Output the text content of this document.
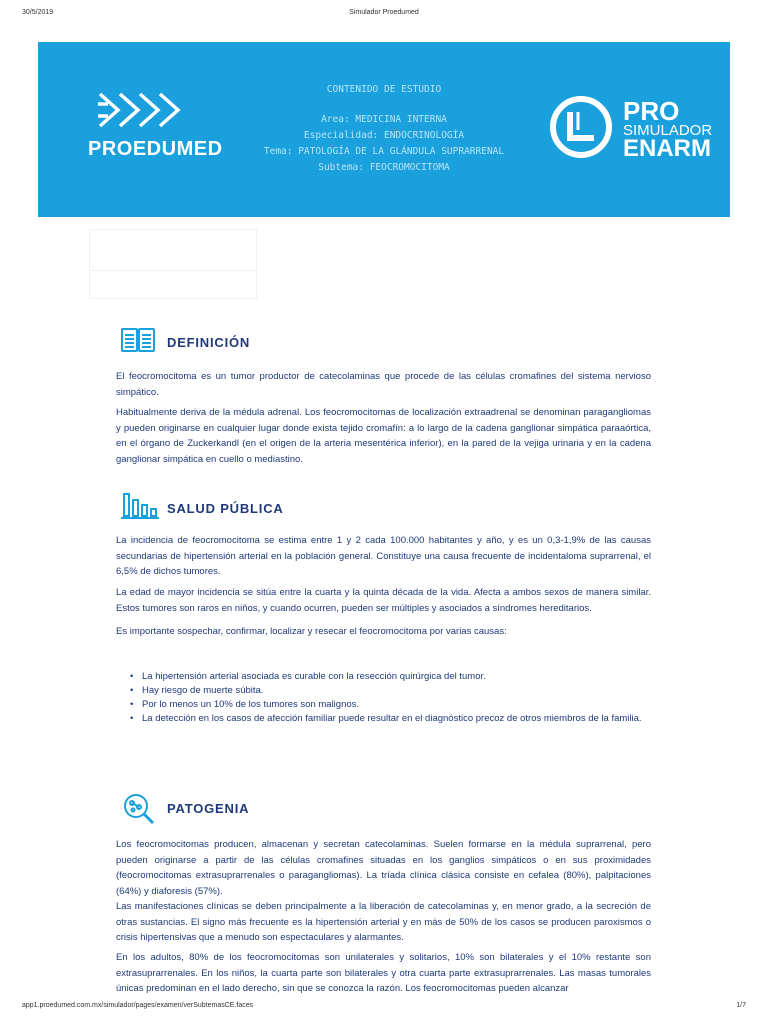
30/5/2019	Simulador Proedumed
PROEDUMED
CONTENIDO DE ESTUDIO
Area: MEDICINA INTERNA
Especialidad: ENDOCRINOLOGÍA
Tema: PATOLOGÍA DE LA GLÁNDULA SUPRARRENAL
Subtema: FEOCROMOCITOMA
PRO
SIMULADOR
ENARM
DEFINICIÓN
El feocromocitoma es un tumor productor de catecolaminas que procede de las células cromafines del sistema nervioso simpático.
Habitualmente deriva de la médula adrenal. Los feocromocitomas de localización extraadrenal se denominan paragangliomas y pueden originarse en cualquier lugar donde exista tejido cromafín: a lo largo de la cadena ganglionar simpática paraaórtica, en el órgano de Zuckerkandl (en el origen de la arteria mesentérica inferior), en la pared de la vejiga urinaria y en la cadena ganglionar simpática en cuello o mediastino.
SALUD PÚBLICA
La incidencia de feocromocitoma se estima entre 1 y 2 cada 100.000 habitantes y año, y es un 0,3-1,9% de las causas secundarias de hipertensión arterial en la población general. Constituye una causa frecuente de incidentaloma suprarrenal, el 6,5% de dichos tumores.
La edad de mayor incidencia se sitúa entre la cuarta y la quinta década de la vida. Afecta a ambos sexos de manera similar. Estos tumores son raros en niños, y cuando ocurren, pueden ser múltiples y asociados a síndromes hereditarios.
Es importante sospechar, confirmar, localizar y resecar el feocromocitoma por varias causas:
• La hipertensión arterial asociada es curable con la resección quirúrgica del tumor.
• Hay riesgo de muerte súbita.
• Por lo menos un 10% de los tumores son malignos.
• La detección en los casos de afección familiar puede resultar en el diagnóstico precoz de otros miembros de la familia.
PATOGENIA
Los feocromocitomas producen, almacenan y secretan catecolaminas. Suelen formarse en la médula suprarrenal, pero pueden originarse a partir de las células cromafines situadas en los ganglios simpáticos o en sus proximidades (feocromocitomas extrasuprarrenales o paragangliomas). La tríada clínica clásica consiste en cefalea (80%), palpitaciones (64%) y diaforesis (57%).
Las manifestaciones clínicas se deben principalmente a la liberación de catecolaminas y, en menor grado, a la secreción de otras sustancias. El signo más frecuente es la hipertensión arterial y en más de 50% de los casos se producen paroxismos o crisis hipertensivas que a menudo son espectaculares y alarmantes.
En los adultos, 80% de los feocromocitomas son unilaterales y solitarios, 10% son bilaterales y el 10% restante son extrasuprarrenales. En los niños, la cuarta parte son bilaterales y otra cuarta parte extrasuprarrenales. Las masas tumorales únicas predominan en el lado derecho, sin que se conozca la razón. Los feocromocitomas pueden alcanzar
app1.proedumed.com.mx/simulador/pages/examen/verSubtemasCE.faces	1/7
